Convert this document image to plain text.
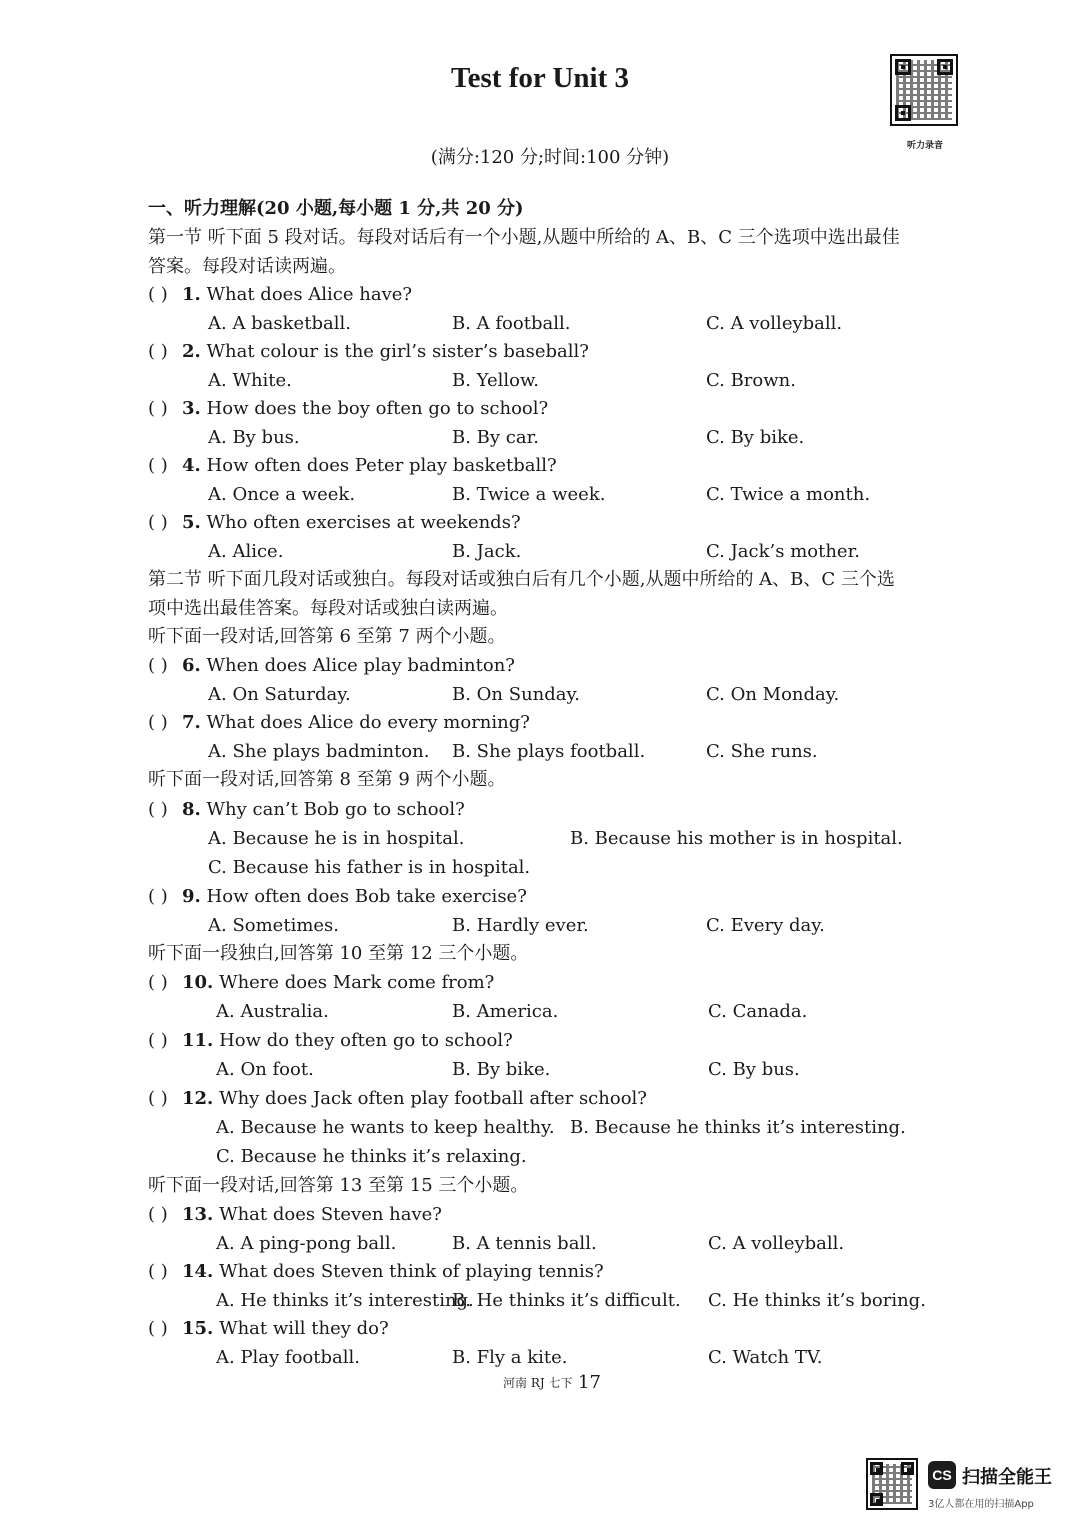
Test for Unit 3
(满分:120 分;时间:100 分钟)
听力录音
一、听力理解(20 小题,每小题 1 分,共 20 分)
第一节 听下面 5 段对话。每段对话后有一个小题,从题中所给的 A、B、C 三个选项中选出最佳
答案。每段对话读两遍。
( ) 1. What does Alice have?
A. A basketball.	B. A football.	C. A volleyball.
( ) 2. What colour is the girl’s sister’s baseball?
A. White.	B. Yellow.	C. Brown.
( ) 3. How does the boy often go to school?
A. By bus.	B. By car.	C. By bike.
( ) 4. How often does Peter play basketball?
A. Once a week.	B. Twice a week.	C. Twice a month.
( ) 5. Who often exercises at weekends?
A. Alice.	B. Jack.	C. Jack’s mother.
第二节 听下面几段对话或独白。每段对话或独白后有几个小题,从题中所给的 A、B、C 三个选
项中选出最佳答案。每段对话或独白读两遍。
听下面一段对话,回答第 6 至第 7 两个小题。
( ) 6. When does Alice play badminton?
A. On Saturday.	B. On Sunday.	C. On Monday.
( ) 7. What does Alice do every morning?
A. She plays badminton. B. She plays football.	C. She runs.
听下面一段对话,回答第 8 至第 9 两个小题。
( ) 8. Why can’t Bob go to school?
A. Because he is in hospital.	B. Because his mother is in hospital.
C. Because his father is in hospital.
( ) 9. How often does Bob take exercise?
A. Sometimes.	B. Hardly ever.	C. Every day.
听下面一段独白,回答第 10 至第 12 三个小题。
( ) 10. Where does Mark come from?
A. Australia.	B. America.	C. Canada.
( ) 11. How do they often go to school?
A. On foot.	B. By bike.	C. By bus.
( ) 12. Why does Jack often play football after school?
A. Because he wants to keep healthy. B. Because he thinks it’s interesting.
C. Because he thinks it’s relaxing.
听下面一段对话,回答第 13 至第 15 三个小题。
( ) 13. What does Steven have?
A. A ping-pong ball.	B. A tennis ball.	C. A volleyball.
( ) 14. What does Steven think of playing tennis?
A. He thinks it’s interesting.
B. He thinks it’s difficult. C. He thinks it’s boring.
( ) 15. What will they do?
A. Play football.	B. Fly a kite.	C. Watch TV.
河南 RJ 七下 17
CS 扫描全能王
3亿人都在用的扫描App
